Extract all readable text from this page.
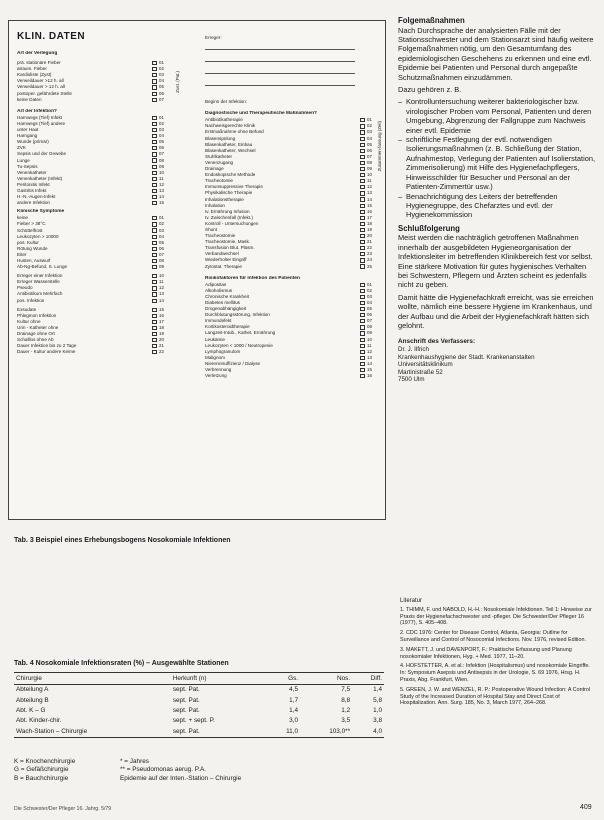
KLIN. DATEN
Art der Verlegung
prä. stationäre Fieber	01
atraum. Fieber	02
Kardioliste (Zyst)	03
Verweildauer >12 h. all	04
Verweildauer > 12 h. all	05
postoper. gefährdete Stelle	06
keine Daten	07
Art der Infektion?
Harnwegs (Tief) Infekt	01
Harnwegs (Tief) andere	02
unter Haut	03
Harngang	04
Wunde (primär)	05
ZVK	06
Sepsis und der Gewebe	07
Lunge	08
Tu-Sepsis	09
Venenkatheter	10
Venenkatheter (Infekt)	11
Peritonitis Infekt	12
Gastritis Infekt	13
H.-N.-Augen-Infekt	14
andere Infektion	15
Klinische Symptome
keine	01
Fieber > 38°C	02
Schüttelfrost	03
Leukozyten > 10000	04
pos. Kultur	05
Rötung Wunde	06
Eiter	07
Husten, Auswurf	08
Ab-Ng-Befund, S. Lunge	09
Erreger einer Infektion	10
Erreger Wasserstelle	11
Pseudo	12
Antibiotikum Mehrfach	13
pos. Infektion	14
Exsudate	15
Phlegmon Infektion	16
Kultur ohne	17
Urin - Katheter ohne	18
Drainage ohne Ort	19
Schalllos ohne Ab	20
Dauer Infektion bis zu 2 Tage	21
Dauer - Kultur andere Keime	22
Zust. (Pat.)
Erreger:
Beginn der Infektion:
Diagnostische und Therapeutische Maßnahmen?
Antibiotikatherapie	01
Nachweisgerechte Klinik	02
Erstmaßnahme ohne Befund	03
Blasenspülung	04
Blasenkatheter, Einbau	05
Blasenkatheter, Wechsel	06
Stuhlkatheter	07
Venenzugang	08
Drainage	09
Endoskopische Methode	10
Tracheotomie	11
Immunsuppressive Therapie	12
Physikalische Therapie	13
Inhalationstherapie	14
Inhalation	15
Iv. Ernährung Infusion	16
Iv. Zwischenfall (Infekt.)	17
Kontroll - Untersuchungen	18
Shunt	19
Tracheostomie	20
Tracheostomie, Mask.	21
Transfusion Blut, Plasm.	22
Verbandwechsel	23
Wiederholter Eingriff	24
Zytostat. Therapie	25
Risikofaktoren für Infektion des Patienten
Adipositas	01
Alkoholismus	02
Chronische Krankheit	03
Diabetes mellitus	04
Drogenabhängigkeit	05
Durchblutungsstörung, Infektion	06
Immundefekt	07
Kortikosteroidtherapie	08
Langzeit-Intub., Kathet. Ernährung	09
Leukämie	10
Leukozyten < 1000 / Neutropenie	11
Lymphogranulom	12
Malignom	13
Niereninsuffizienz / Dialyse	14
Verbrennung	15
Verletzung	16
Zusammen-fassung (Zeit)
Tab. 3 Beispiel eines Erhebungsbogens Nosokomiale Infektionen
Folgemaßnahmen

Nach Durchsprache der analysierten Fälle mit der Stationsschwester und dem Stationsarzt sind häufig weitere Folgemaßnahmen nötig, um den Gesamtumfang des epidemiologischen Geschehens zu erkennen und eine evtl. Epidemie bei Patienten und Personal durch angepaßte Schutzmaßnahmen einzudämmen.

Dazu gehören z. B.

– Kontrolluntersuchung weiterer bakteriologischer bzw. virologischer Proben vom Personal, Patienten und deren Umgebung, Abgrenzung der Fallgruppe zum Nachweis einer evtl. Epidemie
– schriftliche Festlegung der evtl. notwendigen Isolierungsmaßnahmen (z. B. Schließung der Station, Aufnahmestop, Verlegung der Patienten auf Isolierstation, Zimmerisolierung) mit Hilfe des Hygienefachpflegers, Hinweisschilder für Besucher und Personal an der Patienten-Zimmertür usw.)
– Benachrichtigung des Leiters der betreffenden Hygienegruppe, des Chefarztes und evtl. der Hygienekommission
Schlußfolgerung

Meist werden die nachträglich getroffenen Maßnahmen innerhalb der ausgebildeten Hygieneorganisation der Infektionsleiter im betreffenden Klinikbereich fest vor selbst. Eine stärkere Motivation für gutes hygienisches Verhalten bei Schwestern, Pflegern und Ärzten scheint es jedenfalls nicht zu geben.

Damit hätte die Hygienefachkraft erreicht, was sie erreichen wollte, nämlich eine bessere Hygiene im Krankenhaus, und der Aufbau und die Arbeit der Hygienefachkraft hätten sich gelohnt.

Anschrift des Verfassers:
Dr. J. Ilfrich
Krankenhaushygiene der Stadt. Krankenanstalten
Universitätsklinikum
Martinistraße 52
7500 Ulm
Tab. 4 Nosokomiale Infektionsraten (%) – Ausgewählte Stationen
Chirurgie	Herkunft (n)	Gs.	Nos.	Diff.
Abteilung A	sept. Pat.	4,5	7,5	1,4
Abteilung B	sept. Pat.	1,7	8,8	5,8
Abt. K – G	sept. Pat.	1,4	1,2	1,0
Abt. Kinder-chir.	sept. + sept. P.	3,0	3,5	3,8
Wach-Station – Chirurgie	sept. Pat.	11,0	103,0**	4,0
K = Knochenchirurgie
G = Gefäßchirurgie
B = Bauchchirurgie
* = Jahres
** = Pseudomonas aerug. P.A.
Epidemie auf der Inten.-Station – Chirurgie
Literatur
1. THIMM, F. und NABOLD, H.-H.: Nosokomiale Infektionen. Teil 1: Hinweise zur Praxis der Hygienefachschwester und -pfleger. Die Schwester/Der Pfleger 16 (1977), S. 405–408.
2. CDC 1976: Center for Disease Control, Atlanta, Georgia: Outline for Surveillance and Control of Nosocomial Infections. Nov. 1976, revised Edition.
3. MAKETT, J. und DAVENPORT, F.: Praktische Erfassung und Planung nosokomialer Infektionen, Hyg. + Med. 1977, 11–20.
4. HOFSTETTER, A. et al.: Infektion (Hospitalismus) und nosokomiale Eingriffe. In: Symposium Asepsis und Antisepsis in der Urologie, S. 69 1976, Hrsg. H. Praxis, Abg. Frankfurt, Wien.
5. GREEN, J. W. and WENZEL, R. P.: Postoperative Wound Infection: A Control Study of the Increased Duration of Hospital Stay and Direct Cost of Hospitalization. Ann. Surg. 185, No. 3, March 1977, 264–268.
Die Schwester/Der Pfleger 16. Jahrg. 5/79	409
